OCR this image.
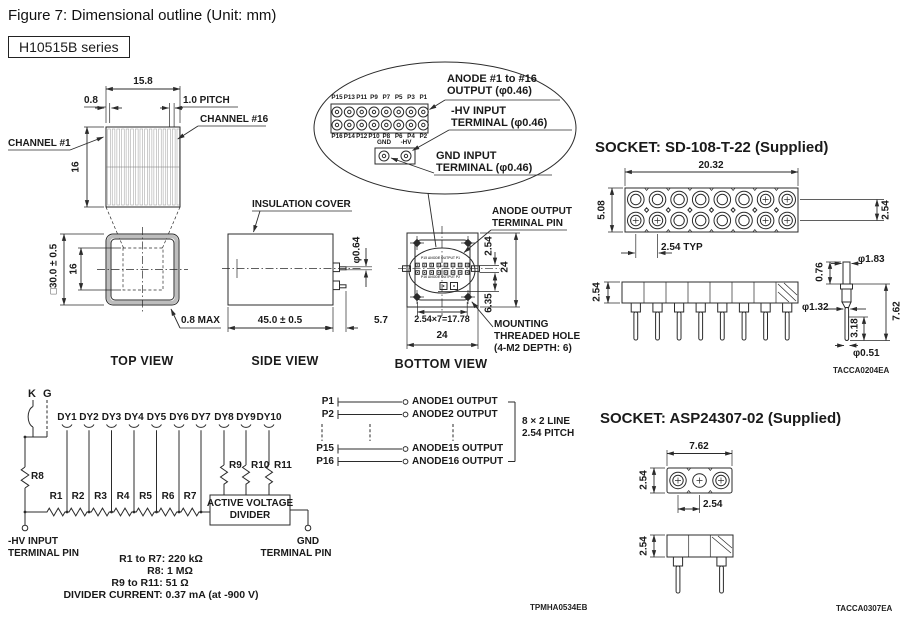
Figure 7: Dimensional outline (Unit: mm)
H10515B series
15.8
0.8	1.0 PITCH
CHANNEL #1
CHANNEL #16
16
□30.0 ± 0.5 16
0.8 MAX
TOP VIEW
INSULATION COVER
φ0.64
45.0 ± 0.5	5.7
SIDE VIEW
P15 P13 P11 P9 P7 P5 P3 P1
P16 P14 P12 P10 P8 P6 P4 P2
GND -HV
ANODE #1 to #16
OUTPUT (φ0.46)
-HV INPUT
TERMINAL (φ0.46)
GND INPUT
TERMINAL (φ0.46)
ANODE OUTPUT
TERMINAL PIN
P15 ANODE OUTPUT P1
P16 ANODE OUTPUT P2
2.54
24
6.35
2.54×7=17.78
24
MOUNTING
THREADED HOLE
(4-M2 DEPTH: 6)
BOTTOM VIEW
SOCKET: SD-108-T-22 (Supplied)
20.32
5.08	2.54
2.54 TYP
2.54
0.76
φ1.83
φ1.32	7.62
3.18
φ0.51
TACCA0204EA
K G
DY1 DY2 DY3 DY4 DY5 DY6 DY7 DY8 DY9 DY10
R8
R1 R2 R3 R4 R5 R6 R7
R9 R10 R11
ACTIVE VOLTAGE
DIVIDER
-HV INPUT
TERMINAL PIN
GND
TERMINAL PIN
R1 to R7: 220 kΩ
R8: 1 MΩ
R9 to R11: 51 Ω
DIVIDER CURRENT: 0.37 mA (at -900 V)
P1	ANODE1 OUTPUT
P2	ANODE2 OUTPUT
P15	ANODE15 OUTPUT
P16	ANODE16 OUTPUT
8 × 2 LINE
2.54 PITCH
SOCKET: ASP24307-02 (Supplied)
7.62
2.54
2.54
2.54
TACCA0307EA
TPMHA0534EB
